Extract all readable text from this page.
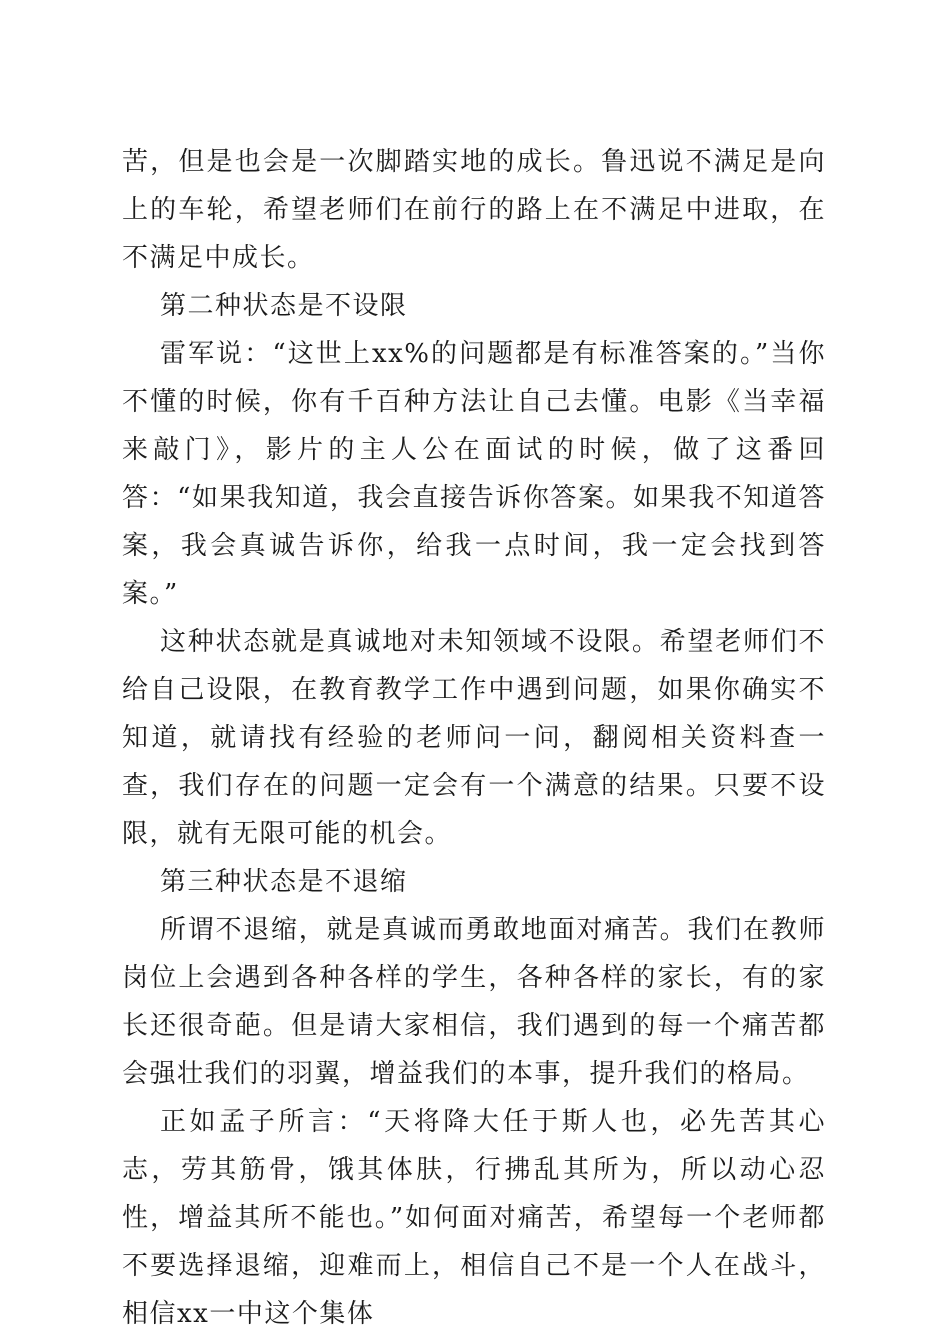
苦，但是也会是一次脚踏实地的成长。鲁迅说不满足是向上的车轮，希望老师们在前行的路上在不满足中进取，在不满足中成长。

第二种状态是不设限

雷军说：“这世上xx%的问题都是有标准答案的。”当你不懂的时候，你有千百种方法让自己去懂。电影《当幸福来敲门》，影片的主人公在面试的时候，做了这番回答：“如果我知道，我会直接告诉你答案。如果我不知道答案，我会真诚告诉你，给我一点时间，我一定会找到答案。”

这种状态就是真诚地对未知领域不设限。希望老师们不给自己设限，在教育教学工作中遇到问题，如果你确实不知道，就请找有经验的老师问一问，翻阅相关资料查一查，我们存在的问题一定会有一个满意的结果。只要不设限，就有无限可能的机会。

第三种状态是不退缩

所谓不退缩，就是真诚而勇敢地面对痛苦。我们在教师岗位上会遇到各种各样的学生，各种各样的家长，有的家长还很奇葩。但是请大家相信，我们遇到的每一个痛苦都会强壮我们的羽翼，增益我们的本事，提升我们的格局。

正如孟子所言：“天将降大任于斯人也，必先苦其心志，劳其筋骨，饿其体肤，行拂乱其所为，所以动心忍性，增益其所不能也。”如何面对痛苦，希望每一个老师都不要选择退缩，迎难而上，相信自己不是一个人在战斗，相信xx一中这个集体
